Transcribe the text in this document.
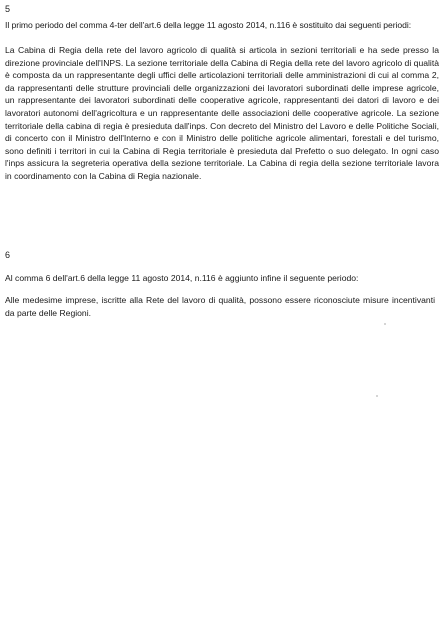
5

Il primo periodo del comma 4-ter dell'art.6 della legge 11 agosto 2014, n.116 è sostituito dai seguenti periodi:

La Cabina di Regia della rete del lavoro agricolo di qualità si articola in sezioni territoriali e ha sede presso la direzione provinciale dell'INPS. La sezione territoriale della Cabina di Regia della rete del lavoro agricolo di qualità è composta da un rappresentante degli uffici delle articolazioni territoriali delle amministrazioni di cui al comma 2, da rappresentanti delle strutture provinciali delle organizzazioni dei lavoratori subordinati delle imprese agricole, un rappresentante dei lavoratori subordinati delle cooperative agricole, rappresentanti dei datori di lavoro e dei lavoratori autonomi dell'agricoltura e un rappresentante delle associazioni delle cooperative agricole. La sezione territoriale della cabina di regia è presieduta dall'inps. Con decreto del Ministro del Lavoro e delle Politiche Sociali, di concerto con il Ministro dell'Interno e con il Ministro delle politiche agricole alimentari, forestali e del turismo, sono definiti i territori in cui la Cabina di Regia territoriale è presieduta dal Prefetto o suo delegato. In ogni caso l'inps assicura la segreteria operativa della sezione territoriale. La Cabina di regia della sezione territoriale lavora in coordinamento con la Cabina di Regia nazionale.

6

Al comma 6 dell'art.6 della legge 11 agosto 2014, n.116 è aggiunto infine il seguente periodo:

Alle medesime imprese, iscritte alla Rete del lavoro di qualità, possono essere riconosciute misure incentivanti da parte delle Regioni.
